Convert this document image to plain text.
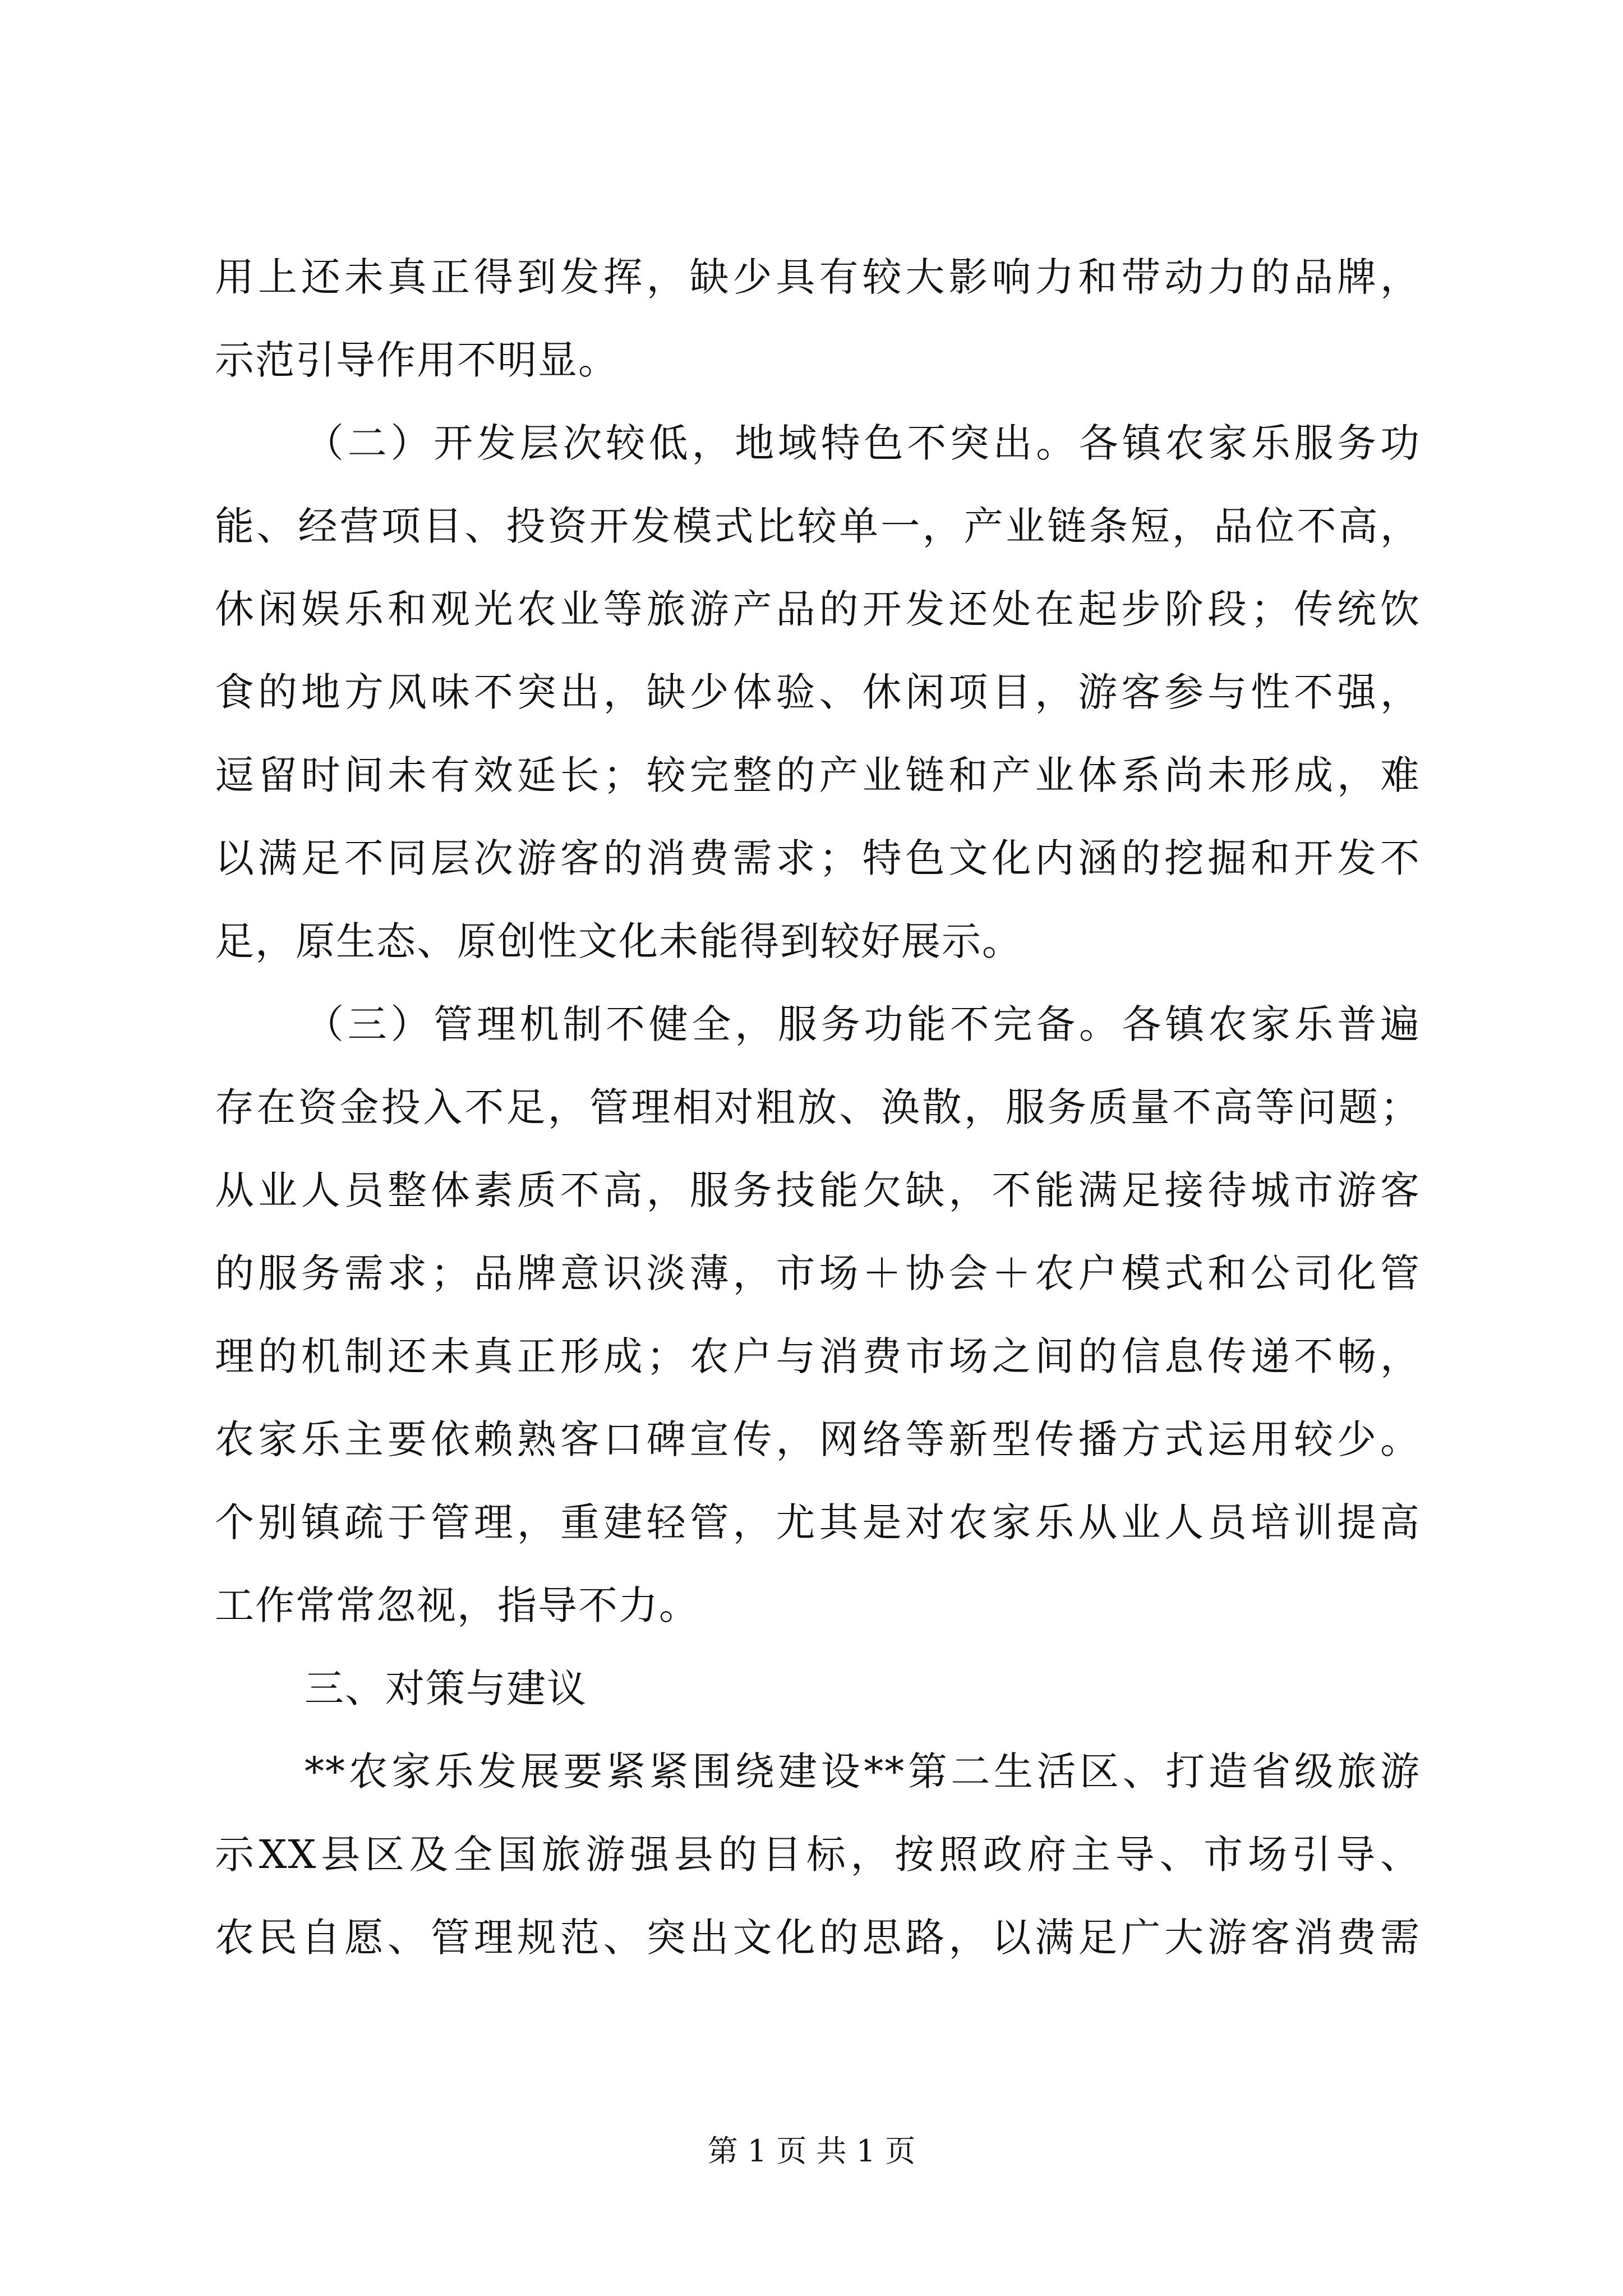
用上还未真正得到发挥，缺少具有较大影响力和带动力的品牌，
示范引导作用不明显。
（二）开发层次较低，地域特色不突出。各镇农家乐服务功
能、经营项目、投资开发模式比较单一，产业链条短，品位不高，
休闲娱乐和观光农业等旅游产品的开发还处在起步阶段；传统饮
食的地方风味不突出，缺少体验、休闲项目，游客参与性不强，
逗留时间未有效延长；较完整的产业链和产业体系尚未形成，难
以满足不同层次游客的消费需求；特色文化内涵的挖掘和开发不
足，原生态、原创性文化未能得到较好展示。
（三）管理机制不健全，服务功能不完备。各镇农家乐普遍
存在资金投入不足，管理相对粗放、涣散，服务质量不高等问题；
从业人员整体素质不高，服务技能欠缺，不能满足接待城市游客
的服务需求；品牌意识淡薄，市场＋协会＋农户模式和公司化管
理的机制还未真正形成；农户与消费市场之间的信息传递不畅，
农家乐主要依赖熟客口碑宣传，网络等新型传播方式运用较少。
个别镇疏于管理，重建轻管，尤其是对农家乐从业人员培训提高
工作常常忽视，指导不力。
三、对策与建议
**农家乐发展要紧紧围绕建设**第二生活区、打造省级旅游
示XX县区及全国旅游强县的目标，按照政府主导、市场引导、
农民自愿、管理规范、突出文化的思路，以满足广大游客消费需
第 1 页 共 1 页
